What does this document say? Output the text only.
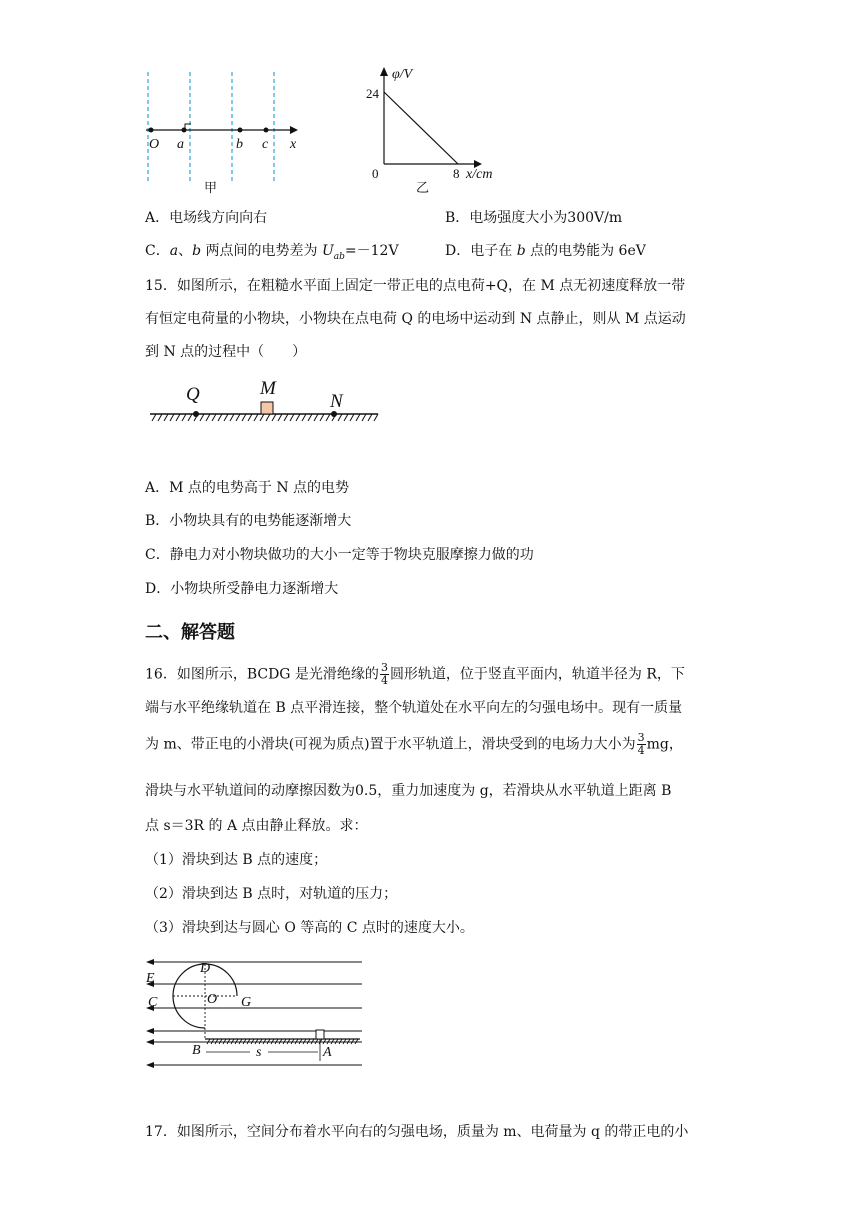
O a	b c x
甲
φ/V
24
0	8 x/cm
乙
A．电场线方向向右	B．电场强度大小为300V/m
C．a、b 两点间的电势差为 $U_{ab}=-12V$	D．电子在 b 点的电势能为 6eV
15．如图所示，在粗糙水平面上固定一带正电的点电荷+Q，在 M 点无初速度释放一带
有恒定电荷量的小物块，小物块在点电荷 Q 的电场中运动到 N 点静止，则从 M 点运动
到 N 点的过程中（　　）
Q	M
N
A．M 点的电势高于 N 点的电势
B．小物块具有的电势能逐渐增大
C．静电力对小物块做功的大小一定等于物块克服摩擦力做的功
D．小物块所受静电力逐渐增大
二、解答题
16．如图所示，BCDG 是光滑绝缘的 $\frac{3}{4}$ 圆形轨道，位于竖直平面内，轨道半径为 R，下
端与水平绝缘轨道在 B 点平滑连接，整个轨道处在水平向左的匀强电场中。现有一质量
为 m、带正电的小滑块(可视为质点)置于水平轨道上，滑块受到的电场力大小为 $\frac{3}{4}$ mg，
滑块与水平轨道间的动摩擦因数为0.5，重力加速度为 g，若滑块从水平轨道上距离 B
点 s＝3R 的 A 点由静止释放。求：
（1）滑块到达 B 点的速度；
（2）滑块到达 B 点时，对轨道的压力；
（3）滑块到达与圆心 O 等高的 C 点时的速度大小。
E
D
O
C	G
B	s	A
17．如图所示，空间分布着水平向右的匀强电场，质量为 m、电荷量为 q 的带正电的小
